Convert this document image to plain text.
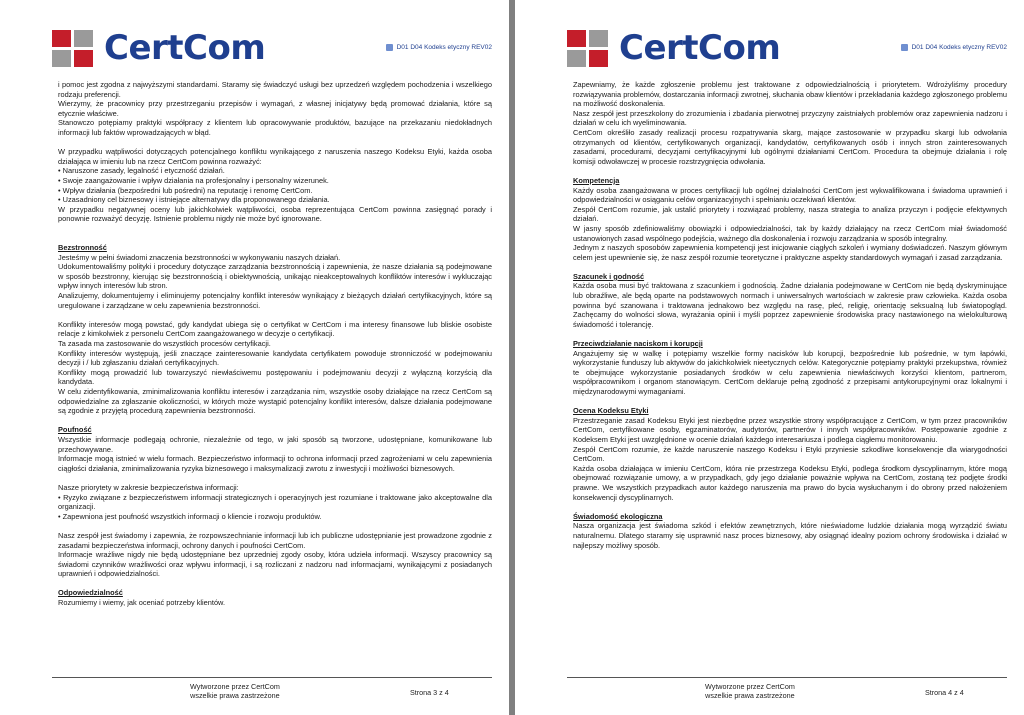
CertCom	D01 D04 Kodeks etyczny REV02

i pomoc jest zgodna z najwyższymi standardami. Staramy się świadczyć usługi bez uprzedzeń względem pochodzenia i wszelkiego rodzaju preferencji.

Wierzymy, że pracownicy przy przestrzeganiu przepisów i wymagań, z własnej inicjatywy będą promować działania, które są etycznie właściwe.

Stanowczo potępiamy praktyki współpracy z klientem lub opracowywanie produktów, bazujące na przekazaniu niedokładnych informacji lub faktów wprowadzających w błąd.

W przypadku wątpliwości dotyczących potencjalnego konfliktu wynikającego z naruszenia naszego Kodeksu Etyki, każda osoba działająca w imieniu lub na rzecz CertCom powinna rozważyć:

• Naruszone zasady, legalność i etyczność działań.

• Swoje zaangażowanie i wpływ działania na profesjonalny i personalny wizerunek.

• Wpływ działania (bezpośredni lub pośredni) na reputację i renomę CertCom.

• Uzasadniony cel biznesowy i istniejące alternatywy dla proponowanego działania.

W przypadku negatywnej oceny lub jakichkolwiek wątpliwości, osoba reprezentująca CertCom powinna zasięgnąć porady i ponownie rozważyć decyzję. Istnienie problemu nigdy nie może być ignorowane.

Bezstronność

Jesteśmy w pełni świadomi znaczenia bezstronności w wykonywaniu naszych działań.

Udokumentowaliśmy polityki i procedury dotyczące zarządzania bezstronnością i zapewnienia, że nasze działania są podejmowane w sposób bezstronny, kierując się bezstronnością i obiektywnością, unikając nieakceptowalnych konfliktów interesów i wykluczając wpływ innych interesów lub stron.

Analizujemy, dokumentujemy i eliminujemy potencjalny konflikt interesów wynikający z bieżących działań certyfikacyjnych, które są uregulowane i zarządzane w celu zapewnienia bezstronności.

Konflikty interesów mogą powstać, gdy kandydat ubiega się o certyfikat w CertCom i ma interesy finansowe lub bliskie osobiste relacje z kimkolwiek z personelu CertCom zaangażowanego w decyzje o certyfikacji.

Ta zasada ma zastosowanie do wszystkich procesów certyfikacji.

Konflikty interesów występują, jeśli znaczące zainteresowanie kandydata certyfikatem powoduje stronniczość w podejmowaniu decyzji i / lub zgłaszaniu działań certyfikacyjnych.

Konflikty mogą prowadzić lub towarzyszyć niewłaściwemu postępowaniu i podejmowaniu decyzji z wyłączną korzyścią dla kandydata.

W celu zidentyfikowania, zminimalizowania konfliktu interesów i zarządzania nim, wszystkie osoby działające na rzecz CertCom są odpowiedzialne za zgłaszanie okoliczności, w których może wystąpić potencjalny konflikt interesów, dalsze działania podejmowane są zgodnie z przyjętą procedurą zapewnienia bezstronności.

Poufność

Wszystkie informacje podlegają ochronie, niezależnie od tego, w jaki sposób są tworzone, udostępniane, komunikowane lub przechowywane.

Informacje mogą istnieć w wielu formach. Bezpieczeństwo informacji to ochrona informacji przed zagrożeniami w celu zapewnienia ciągłości działania, zminimalizowania ryzyka biznesowego i maksymalizacji zwrotu z inwestycji i możliwości biznesowych.

Nasze priorytety w zakresie bezpieczeństwa informacji:

• Ryzyko związane z bezpieczeństwem informacji strategicznych i operacyjnych jest rozumiane i traktowane jako akceptowalne dla organizacji.

• Zapewniona jest poufność wszystkich informacji o kliencie i rozwoju produktów.

Nasz zespół jest świadomy i zapewnia, że rozpowszechnianie informacji lub ich publiczne udostępnianie jest prowadzone zgodnie z zasadami bezpieczeństwa informacji, ochrony danych i poufności CertCom.

Informacje wrażliwe nigdy nie będą udostępniane bez uprzedniej zgody osoby, która udzieła informacji. Wszyscy pracownicy są świadomi czynników wrażliwości oraz wpływu informacji, i są rozliczani z nadzoru nad informacjami, wynikającymi z posiadanych uprawnień i odpowiedzialności.

Odpowiedzialność

Rozumiemy i wiemy, jak oceniać potrzeby klientów.

Wytworzone przez CertCom
wszelkie prawa zastrzeżone	Strona 3 z 4
CertCom	D01 D04 Kodeks etyczny REV02

Zapewniamy, że każde zgłoszenie problemu jest traktowane z odpowiedzialnością i priorytetem. Wdrożyliśmy procedury rozwiązywania problemów, dostarczania informacji zwrotnej, słuchania obaw klientów i przekładania każdego zgłoszonego problemu na możliwość doskonalenia.

Nasz zespół jest przeszkolony do zrozumienia i zbadania pierwotnej przyczyny zaistniałych problemów oraz zapewnienia nadzoru i działań w celu ich wyeliminowania.

CertCom określiło zasady realizacji procesu rozpatrywania skarg, mające zastosowanie w przypadku skargi lub odwołania otrzymanych od klientów, certyfikowanych organizacji, kandydatów, certyfikowanych osób i innych stron zainteresowanych zasadami, procedurami, decyzjami certyfikacyjnymi lub ogólnymi działaniami CertCom. Procedura ta obejmuje działania i rolę komisji odwoławczej w procesie rozstrzygnięcia odwołania.

Kompetencja

Każdy osoba zaangażowana w proces certyfikacji lub ogólnej działalności CertCom jest wykwalifikowana i świadoma uprawnień i odpowiedzialności w osiąganiu celów organizacyjnych i spełnianiu oczekiwań klientów.

Zespół CertCom rozumie, jak ustalić priorytety i rozwiązać problemy, nasza strategia to analiza przyczyn i podjęcie efektywnych działań.

W jasny sposób zdefiniowaliśmy obowiązki i odpowiedzialności, tak by każdy działający na rzecz CertCom miał świadomość ustanowionych zasad wspólnego podejścia, ważnego dla doskonalenia i rozwoju zarządzania w sposób integralny.

Jednym z naszych sposobów zapewnienia kompetencji jest inicjowanie ciągłych szkoleń i wymiany doświadczeń. Naszym głównym celem jest upewnienie się, że nasz zespół rozumie teoretyczne i praktyczne aspekty standardowych wymagań i zasad zarządzania.

Szacunek i godność

Każda osoba musi być traktowana z szacunkiem i godnością. Żadne działania podejmowane w CertCom nie będą dyskryminujące lub obraźliwe, ale będą oparte na podstawowych normach i uniwersalnych wartościach w zakresie praw człowieka. Każda osoba powinna być szanowana i traktowana jednakowo bez względu na rasę, płeć, religię, orientację seksualną lub światopogląd. Zachęcamy do wolności słowa, wyrażania opinii i myśli poprzez zapewnienie środowiska pracy nastawionego na wielokulturową świadomość i tolerancję.

Przeciwdziałanie naciskom i korupcji

Angażujemy się w walkę i potępiamy wszelkie formy nacisków lub korupcji, bezpośrednie lub pośrednie, w tym łapówki, wykorzystanie funduszy lub aktywów do jakichkolwiek nieetycznych celów. Kategorycznie potępiamy praktyki przekupstwa, również te obejmujące wykorzystanie posiadanych środków w celu zapewnienia niewłaściwych korzyści klientom, partnerom, współpracownikom i organom stanowiącym. CertCom deklaruje pełną zgodność z przepisami antykorupcyjnymi oraz lokalnymi i międzynarodowymi wymaganiami.

Ocena Kodeksu Etyki

Przestrzeganie zasad Kodeksu Etyki jest niezbędne przez wszystkie strony współpracujące z CertCom, w tym przez pracowników CertCom, certyfikowane osoby, egzaminatorów, audytorów, partnerów i innych współpracowników. Postępowanie zgodnie z Kodeksem Etyki jest uwzględnione w ocenie działań każdego interesariusza i podlega ciągłemu monitorowaniu.

Zespół CertCom rozumie, że każde naruszenie naszego Kodeksu i Etyki przyniesie szkodliwe konsekwencje dla wiarygodności CertCom.

Każda osoba działająca w imieniu CertCom, która nie przestrzega Kodeksu Etyki, podlega środkom dyscyplinarnym, które mogą obejmować rozwiązanie umowy, a w przypadkach, gdy jego działanie poważnie wpływa na CertCom, zostaną też podjęte środki prawne. We wszystkich przypadkach autor każdego naruszenia ma prawo do bycia wysłuchanym i do obrony przed nałożeniem konsekwencji dyscyplinarnych.

Świadomość ekologiczna

Nasza organizacja jest świadoma szkód i efektów zewnętrznych, które nieświadome ludzkie działania mogą wyrządzić światu naturalnemu. Dlatego staramy się usprawnić nasz proces biznesowy, aby osiągnąć idealny poziom ochrony środowiska i działać w najlepszy możliwy sposób.

Wytworzone przez CertCom
wszelkie prawa zastrzeżone	Strona 4 z 4
